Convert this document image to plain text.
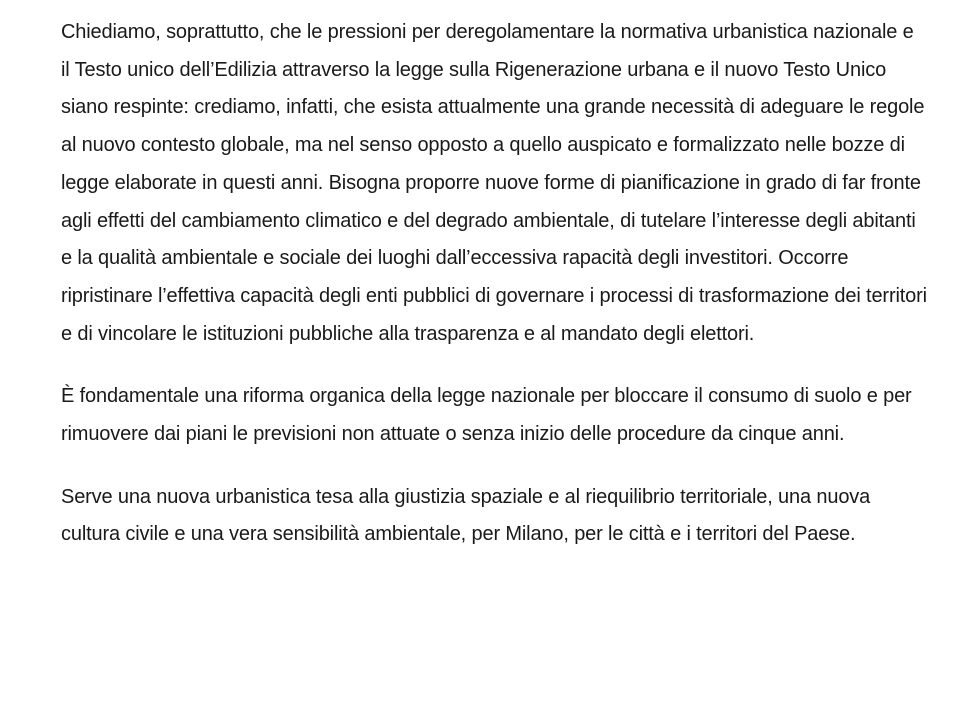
Chiediamo, soprattutto, che le pressioni per deregolamentare la normativa urbanistica nazionale e il Testo unico dell’Edilizia attraverso la legge sulla Rigenerazione urbana e il nuovo Testo Unico siano respinte: crediamo, infatti, che esista attualmente una grande necessità di adeguare le regole al nuovo contesto globale, ma nel senso opposto a quello auspicato e formalizzato nelle bozze di legge elaborate in questi anni. Bisogna proporre nuove forme di pianificazione in grado di far fronte agli effetti del cambiamento climatico e del degrado ambientale, di tutelare l’interesse degli abitanti e la qualità ambientale e sociale dei luoghi dall’eccessiva rapacità degli investitori. Occorre ripristinare l’effettiva capacità degli enti pubblici di governare i processi di trasformazione dei territori e di vincolare le istituzioni pubbliche alla trasparenza e al mandato degli elettori.

È fondamentale una riforma organica della legge nazionale per bloccare il consumo di suolo e per rimuovere dai piani le previsioni non attuate o senza inizio delle procedure da cinque anni.

Serve una nuova urbanistica tesa alla giustizia spaziale e al riequilibrio territoriale, una nuova cultura civile e una vera sensibilità ambientale, per Milano, per le città e i territori del Paese.
